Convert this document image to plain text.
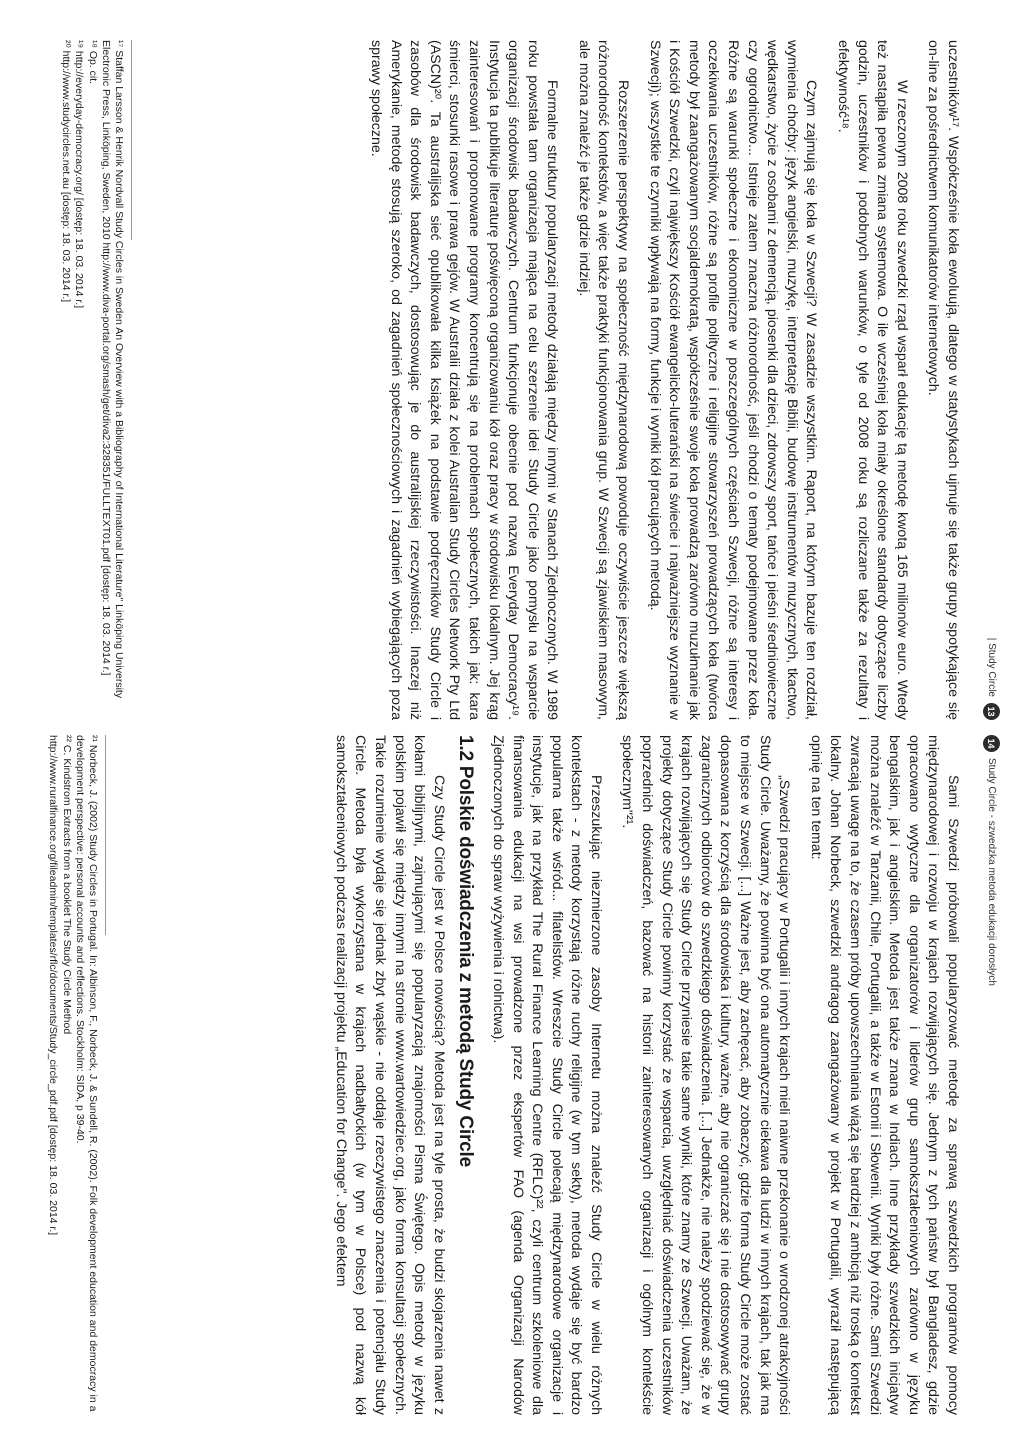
| Study Circle
13

uczestników¹⁷. Współcześnie koła ewoluują, dlatego w statystykach ujmuje się także grupy spotykające się on-line za pośrednictwem komunikatorów internetowych.

W rzeczonym 2008 roku szwedzki rząd wsparł edukację tą metodę kwotą 165 milionów euro. Wtedy też nastąpiła pewna zmiana systemowa. O ile wcześniej koła miały określone standardy dotyczące liczby godzin, uczestników i podobnych warunków, o tyle od 2008 roku są rozliczane także za rezultaty i efektywność¹⁸.

Czym zajmują się koła w Szwecji? W zasadzie wszystkim. Raport, na którym bazuje ten rozdział, wymienia choćby: język angielski, muzykę, interpretację Biblii, budowę instrumentów muzycznych, tkactwo, wędkarstwo, życie z osobami z demencją, piosenki dla dzieci, zdrowszy sport, tańce i pieśni średniowieczne czy ogrodnictwo... Istnieje zatem znaczna różnorodność, jeśli chodzi o tematy podejmowane przez koła. Różne są warunki społeczne i ekonomiczne w poszczególnych częściach Szwecji, różne są interesy i oczekiwania uczestników, różne są profile polityczne i religijne stowarzyszeń prowadzących koła (twórca metody był zaangażowanym socjaldemokratą, współcześnie swoje koła prowadzą zarówno muzułmanie jak i Kościół Szwedzki, czyli największy Kościół ewangelicko-luterański na świecie i najważniejsze wyznanie w Szwecji); wszystkie te czynniki wpływają na formy, funkcje i wyniki kół pracujących metodą.

Rozszerzenie perspektywy na społeczność międzynarodową powoduje oczywiście jeszcze większą różnorodność kontekstów, a więc także praktyki funkcjonowania grup. W Szwecji są zjawiskiem masowym, ale można znaleźć je także gdzie indziej.

Formalne struktury popularyzacji metody działają między innymi w Stanach Zjednoczonych. W 1989 roku powstała tam organizacja mająca na celu szerzenie idei Study Circle jako pomysłu na wsparcie organizacji środowisk badawczych. Centrum funkcjonuje obecnie pod nazwą Everyday Democracy¹⁹. Instytucja ta publikuje literaturę poświęconą organizowaniu kół oraz pracy w środowisku lokalnym. Jej krąg zainteresowań i proponowane programy koncentrują się na problemach społecznych, takich jak: kara śmierci, stosunki rasowe i prawa gejów. W Australii działa z kolei Australian Study Circles Network Pty Ltd (ASCN)²⁰. Ta australijska sieć opublikowała kilka książek na podstawie podręczników Study Circle i zasobów dla środowisk badawczych, dostosowując je do australijskiej rzeczywistości. Inaczej niż Amerykanie, metodę stosują szeroko, od zagadnień społecznościowych i zagadnień wybiegających poza sprawy społeczne.

¹⁷ Staffan Larsson & Henrik Nordvall Study Circles in Sweden An Overview with a Bibliography of International Literature" Linköping University Electronic Press, Linköping, Sweden, 2010 http://www.diva-portal.org/smash/get/diva2:328351/FULLTEXT01.pdf [dostęp: 18. 03. 2014 r.]
¹⁸ Op. cit.
¹⁹ http://everyday-democracy.org/ [dostęp: 18. 03. 2014 r.]
²⁰ http://www.studycircles.net.au [dostęp: 18. 03. 2014 r.]
14
Study Circle - szwedzka metoda edukacji dorosłych

Sami Szwedzi próbowali popularyzować metodę za sprawą szwedzkich programów pomocy międzynarodowej i rozwoju w krajach rozwijających się. Jednym z tych państw był Bangladesz, gdzie opracowano wytyczne dla organizatorów i liderów grup samokształceniowych zarówno w języku bengalskim, jak i angielskim. Metoda jest także znana w Indiach. Inne przykłady szwedzkich inicjatyw można znaleźć w Tanzanii, Chile, Portugalii, a także w Estonii i Słowenii. Wyniki były różne. Sami Szwedzi zwracają uwagę na to, że czasem próby upowszechniania wiążą się bardziej z ambicją niż troską o kontekst lokalny. Johan Norbeck, szwedzki andragog zaangażowany w projekt w Portugalii, wyraził następującą opinię na ten temat:

„Szwedzi pracujący w Portugalii i innych krajach mieli naiwne przekonanie o wrodzonej atrakcyjności Study Circle. Uważamy, że powinna być ona automatycznie ciekawa dla ludzi w innych krajach, tak jak ma to miejsce w Szwecji. [...] Ważne jest, aby zachęcać, aby zobaczyć, gdzie forma Study Circle może zostać dopasowana z korzyścią dla środowiska i kultury, ważne, aby nie ograniczać się i nie dostosowywać grupy zagranicznych odbiorców do szwedzkiego doświadczenia. [...] Jednakże, nie należy spodziewać się, że w krajach rozwijających się Study Circle przyniesie takie same wyniki, które znamy ze Szwecji. Uważam, że projekty dotyczące Study Circle powinny korzystać ze wsparcia, uwzględniać doświadczenia uczestników poprzednich doświadczeń, bazować na historii zainteresowanych organizacji i ogólnym kontekście społecznym"²¹.

Przeszukując niezmierzone zasoby Internetu można znaleźć Study Circle w wielu różnych kontekstach - z metody korzystają różne ruchy religijne (w tym sekty), metoda wydaje się być bardzo popularna także wśród... filatelistów. Wreszcie Study Circle polecają międzynarodowe organizacje i instytucje, jak na przykład The Rural Finance Learning Centre (RFLC)²², czyli centrum szkoleniowe dla finansowania edukacji na wsi prowadzone przez ekspertów FAO (agenda Organizacji Narodów Zjednoczonych do spraw wyżywienia i rolnictwa).

1.2 Polskie doświadczenia z metodą Study Circle

Czy Study Circle jest w Polsce nowością? Metoda jest na tyle prosta, że budzi skojarzenia nawet z kołami biblijnymi, zajmującymi się popularyzacją znajomości Pisma Świętego. Opis metody w języku polskim pojawił się między innymi na stronie www.wartowiedziec.org, jako forma konsultacji społecznych. Takie rozumienie wydaje się jednak zbyt wąskie - nie oddaje rzeczywistego znaczenia i potencjału Study Circle. Metoda była wykorzystana w krajach nadbałtyckich (w tym w Polsce) pod nazwą kół samokształceniowych podczas realizacji projektu „Education for Change". Jego efektem

²¹ Norbeck, J. (2002) Study Circles in Portugal. In: Albinson, F., Norbeck, J. & Sundell, R. (2002). Folk development education and democracy in a development perspective: personal accounts and reflections. Stockholm: SIDA, p 39-40.
²² C. Kindstrom Extracts from a booklet The Study Circle Method http://www.ruralfinance.org/fileadmin/templates/rflc/documents/Study_circle_pdf.pdf [dostęp: 18. 03. 2014 r.]
